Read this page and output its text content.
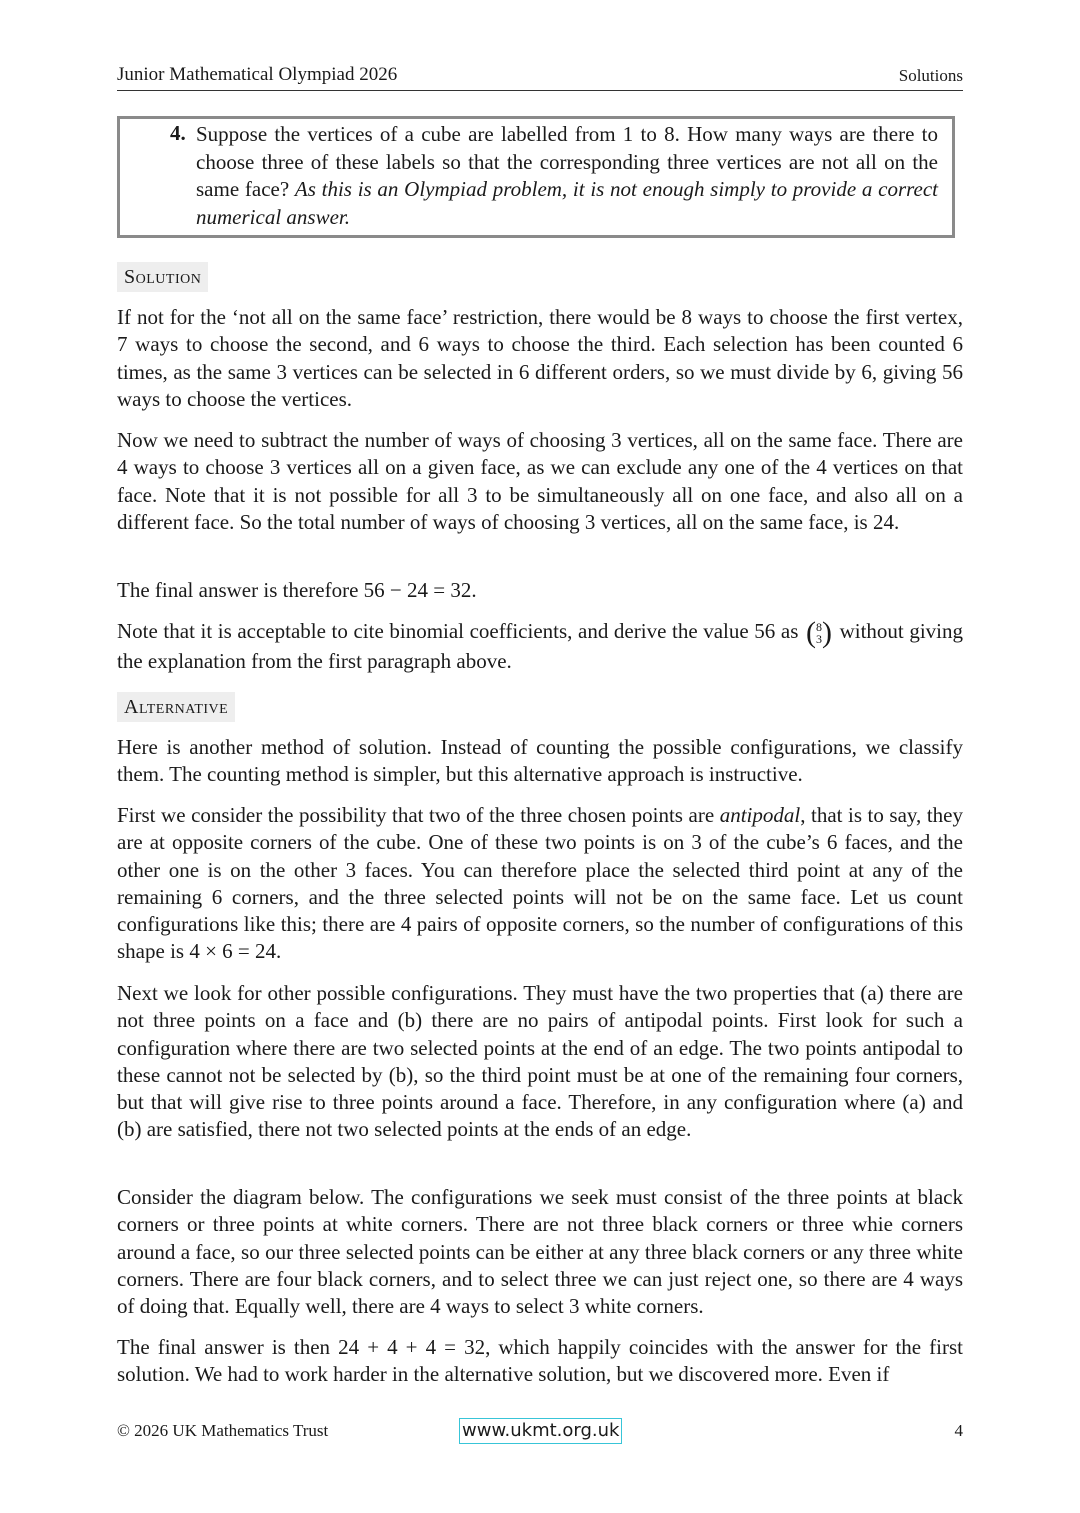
Junior Mathematical Olympiad 2026	Solutions
4. Suppose the vertices of a cube are labelled from 1 to 8. How many ways are there to choose three of these labels so that the corresponding three vertices are not all on the same face? As this is an Olympiad problem, it is not enough simply to provide a correct numerical answer.
Solution
If not for the ‘not all on the same face’ restriction, there would be 8 ways to choose the first vertex, 7 ways to choose the second, and 6 ways to choose the third. Each selection has been counted 6 times, as the same 3 vertices can be selected in 6 different orders, so we must divide by 6, giving 56 ways to choose the vertices.
Now we need to subtract the number of ways of choosing 3 vertices, all on the same face. There are 4 ways to choose 3 vertices all on a given face, as we can exclude any one of the 4 vertices on that face. Note that it is not possible for all 3 to be simultaneously all on one face, and also all on a different face. So the total number of ways of choosing 3 vertices, all on the same face, is 24.
The final answer is therefore 56 − 24 = 32.
Note that it is acceptable to cite binomial coefficients, and derive the value 56 as (8
3) without giving the explanation from the first paragraph above.
Alternative
Here is another method of solution. Instead of counting the possible configurations, we classify them. The counting method is simpler, but this alternative approach is instructive.
First we consider the possibility that two of the three chosen points are antipodal, that is to say, they are at opposite corners of the cube. One of these two points is on 3 of the cube’s 6 faces, and the other one is on the other 3 faces. You can therefore place the selected third point at any of the remaining 6 corners, and the three selected points will not be on the same face. Let us count configurations like this; there are 4 pairs of opposite corners, so the number of configurations of this shape is 4 × 6 = 24.
Next we look for other possible configurations. They must have the two properties that (a) there are not three points on a face and (b) there are no pairs of antipodal points. First look for such a configuration where there are two selected points at the end of an edge. The two points antipodal to these cannot not be selected by (b), so the third point must be at one of the remaining four corners, but that will give rise to three points around a face. Therefore, in any configuration where (a) and (b) are satisfied, there not two selected points at the ends of an edge.
Consider the diagram below. The configurations we seek must consist of the three points at black corners or three points at white corners. There are not three black corners or three whie corners around a face, so our three selected points can be either at any three black corners or any three white corners. There are four black corners, and to select three we can just reject one, so there are 4 ways of doing that. Equally well, there are 4 ways to select 3 white corners.
The final answer is then 24 + 4 + 4 = 32, which happily coincides with the answer for the first solution. We had to work harder in the alternative solution, but we discovered more. Even if
© 2026 UK Mathematics Trust	www.ukmt.org.uk	4
